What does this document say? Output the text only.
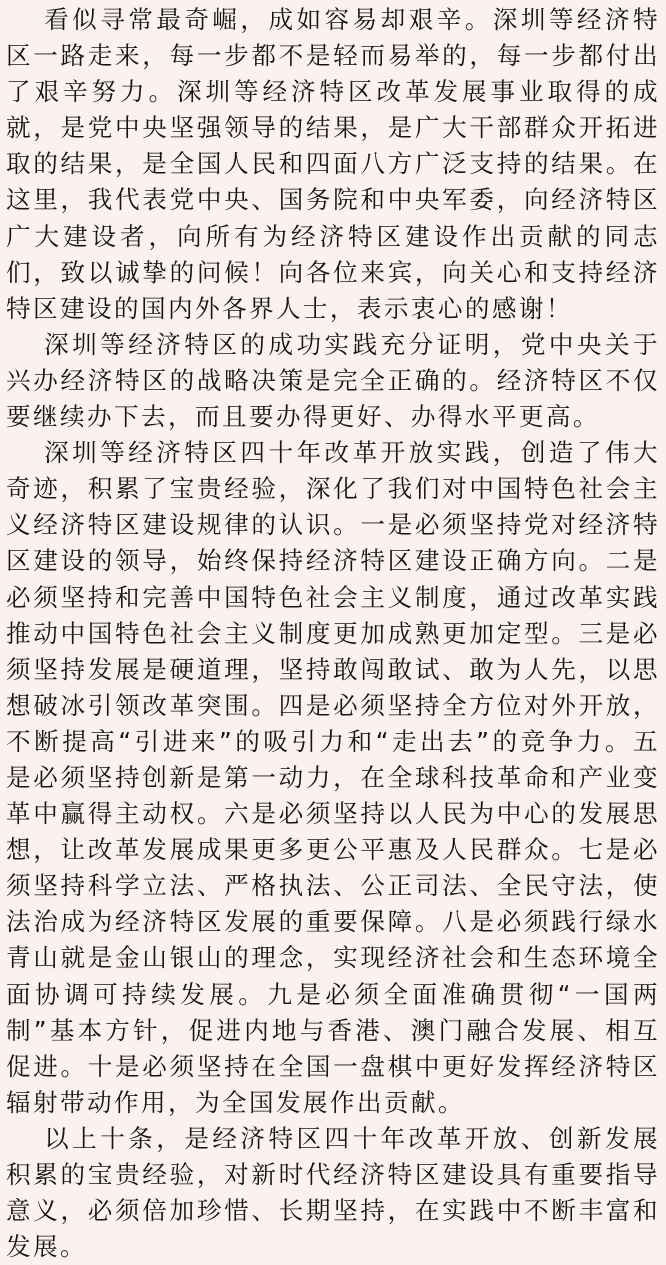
看似寻常最奇崛，成如容易却艰辛。深圳等经济特区一路走来，每一步都不是轻而易举的，每一步都付出了艰辛努力。深圳等经济特区改革发展事业取得的成就，是党中央坚强领导的结果，是广大干部群众开拓进取的结果，是全国人民和四面八方广泛支持的结果。在这里，我代表党中央、国务院和中央军委，向经济特区广大建设者，向所有为经济特区建设作出贡献的同志们，致以诚挚的问候！向各位来宾，向关心和支持经济特区建设的国内外各界人士，表示衷心的感谢！

深圳等经济特区的成功实践充分证明，党中央关于兴办经济特区的战略决策是完全正确的。经济特区不仅要继续办下去，而且要办得更好、办得水平更高。

深圳等经济特区四十年改革开放实践，创造了伟大奇迹，积累了宝贵经验，深化了我们对中国特色社会主义经济特区建设规律的认识。一是必须坚持党对经济特区建设的领导，始终保持经济特区建设正确方向。二是必须坚持和完善中国特色社会主义制度，通过改革实践推动中国特色社会主义制度更加成熟更加定型。三是必须坚持发展是硬道理，坚持敢闯敢试、敢为人先，以思想破冰引领改革突围。四是必须坚持全方位对外开放，不断提高“引进来”的吸引力和“走出去”的竞争力。五是必须坚持创新是第一动力，在全球科技革命和产业变革中赢得主动权。六是必须坚持以人民为中心的发展思想，让改革发展成果更多更公平惠及人民群众。七是必须坚持科学立法、严格执法、公正司法、全民守法，使法治成为经济特区发展的重要保障。八是必须践行绿水青山就是金山银山的理念，实现经济社会和生态环境全面协调可持续发展。九是必须全面准确贯彻“一国两制”基本方针，促进内地与香港、澳门融合发展、相互促进。十是必须坚持在全国一盘棋中更好发挥经济特区辐射带动作用，为全国发展作出贡献。

以上十条，是经济特区四十年改革开放、创新发展积累的宝贵经验，对新时代经济特区建设具有重要指导意义，必须倍加珍惜、长期坚持，在实践中不断丰富和发展。
